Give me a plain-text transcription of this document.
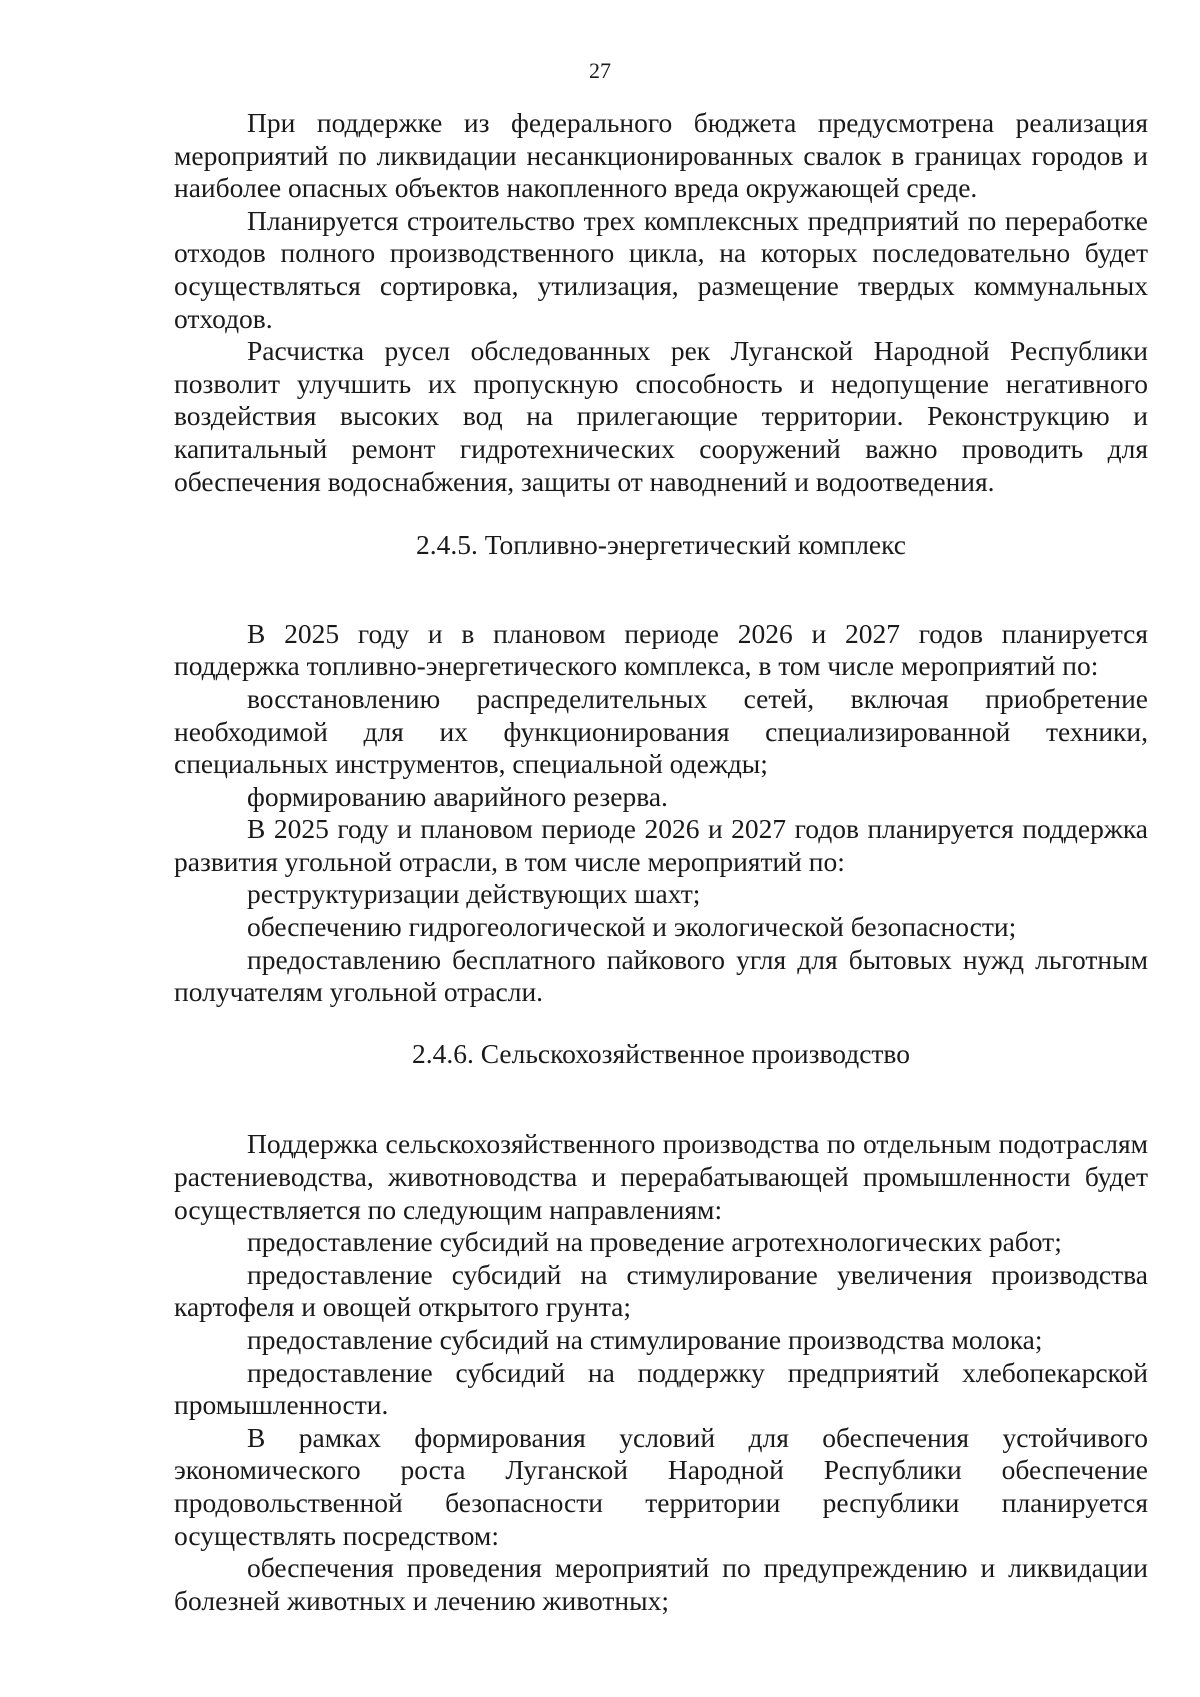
27

При поддержке из федерального бюджета предусмотрена реализация мероприятий по ликвидации несанкционированных свалок в границах городов и наиболее опасных объектов накопленного вреда окружающей среде.

Планируется строительство трех комплексных предприятий по переработке отходов полного производственного цикла, на которых последовательно будет осуществляться сортировка, утилизация, размещение твердых коммунальных отходов.

Расчистка русел обследованных рек Луганской Народной Республики позволит улучшить их пропускную способность и недопущение негативного воздействия высоких вод на прилегающие территории. Реконструкцию и капитальный ремонт гидротехнических сооружений важно проводить для обеспечения водоснабжения, защиты от наводнений и водоотведения.

2.4.5. Топливно-энергетический комплекс

В 2025 году и в плановом периоде 2026 и 2027 годов планируется поддержка топливно-энергетического комплекса, в том числе мероприятий по:

восстановлению распределительных сетей, включая приобретение необходимой для их функционирования специализированной техники, специальных инструментов, специальной одежды;

формированию аварийного резерва.

В 2025 году и плановом периоде 2026 и 2027 годов планируется поддержка развития угольной отрасли, в том числе мероприятий по:

реструктуризации действующих шахт;

обеспечению гидрогеологической и экологической безопасности;

предоставлению бесплатного пайкового угля для бытовых нужд льготным получателям угольной отрасли.

2.4.6. Сельскохозяйственное производство

Поддержка сельскохозяйственного производства по отдельным подотраслям растениеводства, животноводства и перерабатывающей промышленности будет осуществляется по следующим направлениям:

предоставление субсидий на проведение агротехнологических работ;

предоставление субсидий на стимулирование увеличения производства картофеля и овощей открытого грунта;

предоставление субсидий на стимулирование производства молока;

предоставление субсидий на поддержку предприятий хлебопекарской промышленности.

В рамках формирования условий для обеспечения устойчивого экономического роста Луганской Народной Республики обеспечение продовольственной безопасности территории республики планируется осуществлять посредством:

обеспечения проведения мероприятий по предупреждению и ликвидации болезней животных и лечению животных;
